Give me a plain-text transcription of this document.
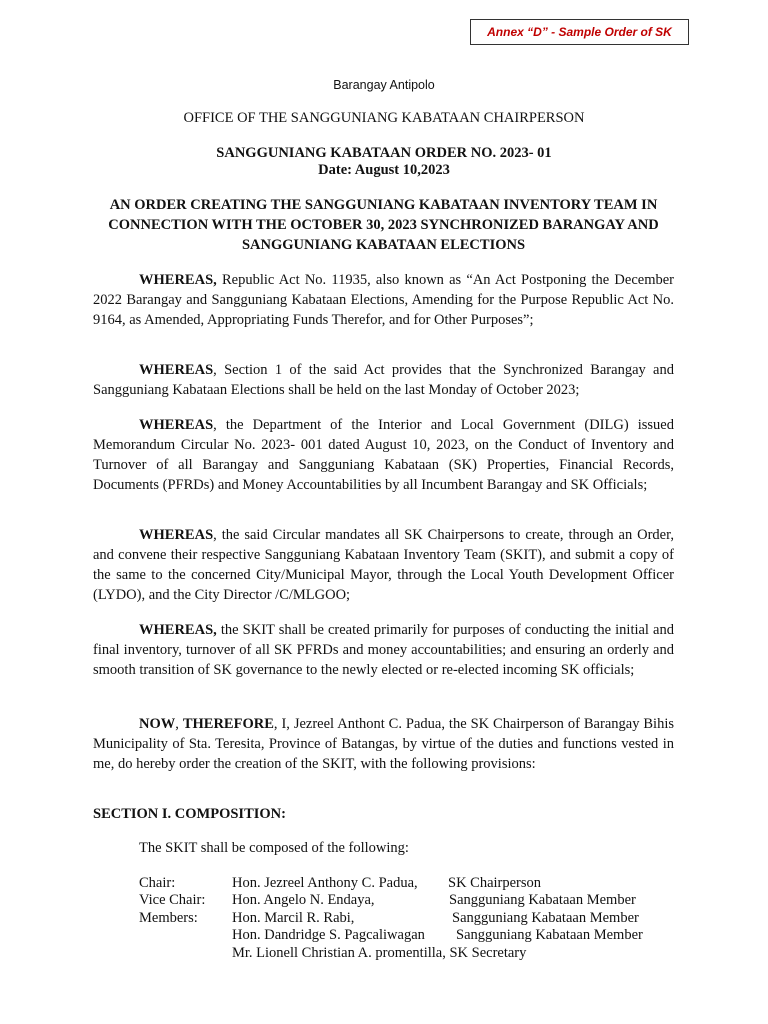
Annex “D” - Sample Order of SK
Barangay Antipolo
OFFICE OF THE SANGGUNIANG KABATAAN CHAIRPERSON
SANGGUNIANG KABATAAN ORDER NO. 2023- 01
Date: August 10,2023
AN ORDER CREATING THE SANGGUNIANG KABATAAN INVENTORY TEAM IN CONNECTION WITH THE OCTOBER 30, 2023 SYNCHRONIZED BARANGAY AND SANGGUNIANG KABATAAN ELECTIONS

WHEREAS, Republic Act No. 11935, also known as “An Act Postponing the December 2022 Barangay and Sangguniang Kabataan Elections, Amending for the Purpose Republic Act No. 9164, as Amended, Appropriating Funds Therefor, and for Other Purposes”;

WHEREAS, Section 1 of the said Act provides that the Synchronized Barangay and Sangguniang Kabataan Elections shall be held on the last Monday of October 2023;

WHEREAS, the Department of the Interior and Local Government (DILG) issued Memorandum Circular No. 2023- 001 dated August 10, 2023, on the Conduct of Inventory and Turnover of all Barangay and Sangguniang Kabataan (SK) Properties, Financial Records, Documents (PFRDs) and Money Accountabilities by all Incumbent Barangay and SK Officials;

WHEREAS, the said Circular mandates all SK Chairpersons to create, through an Order, and convene their respective Sangguniang Kabataan Inventory Team (SKIT), and submit a copy of the same to the concerned City/Municipal Mayor, through the Local Youth Development Officer (LYDO), and the City Director /C/MLGOO;

WHEREAS, the SKIT shall be created primarily for purposes of conducting the initial and final inventory, turnover of all SK PFRDs and money accountabilities; and ensuring an orderly and smooth transition of SK governance to the newly elected or re-elected incoming SK officials;

NOW, THEREFORE, I, Jezreel Anthont C. Padua, the SK Chairperson of Barangay Bihis Municipality of Sta. Teresita, Province of Batangas, by virtue of the duties and functions vested in me, do hereby order the creation of the SKIT, with the following provisions:

SECTION I. COMPOSITION:
The SKIT shall be composed of the following:
Chair:	Hon. Jezreel Anthony C. Padua, SK Chairperson
Vice Chair: Hon. Angelo N. Endaya,	Sangguniang Kabataan Member
Members: Hon. Marcil R. Rabi,	Sangguniang Kabataan Member
Hon. Dandridge S. Pagcaliwagan Sangguniang Kabataan Member
Mr. Lionell Christian A. promentilla, SK Secretary
